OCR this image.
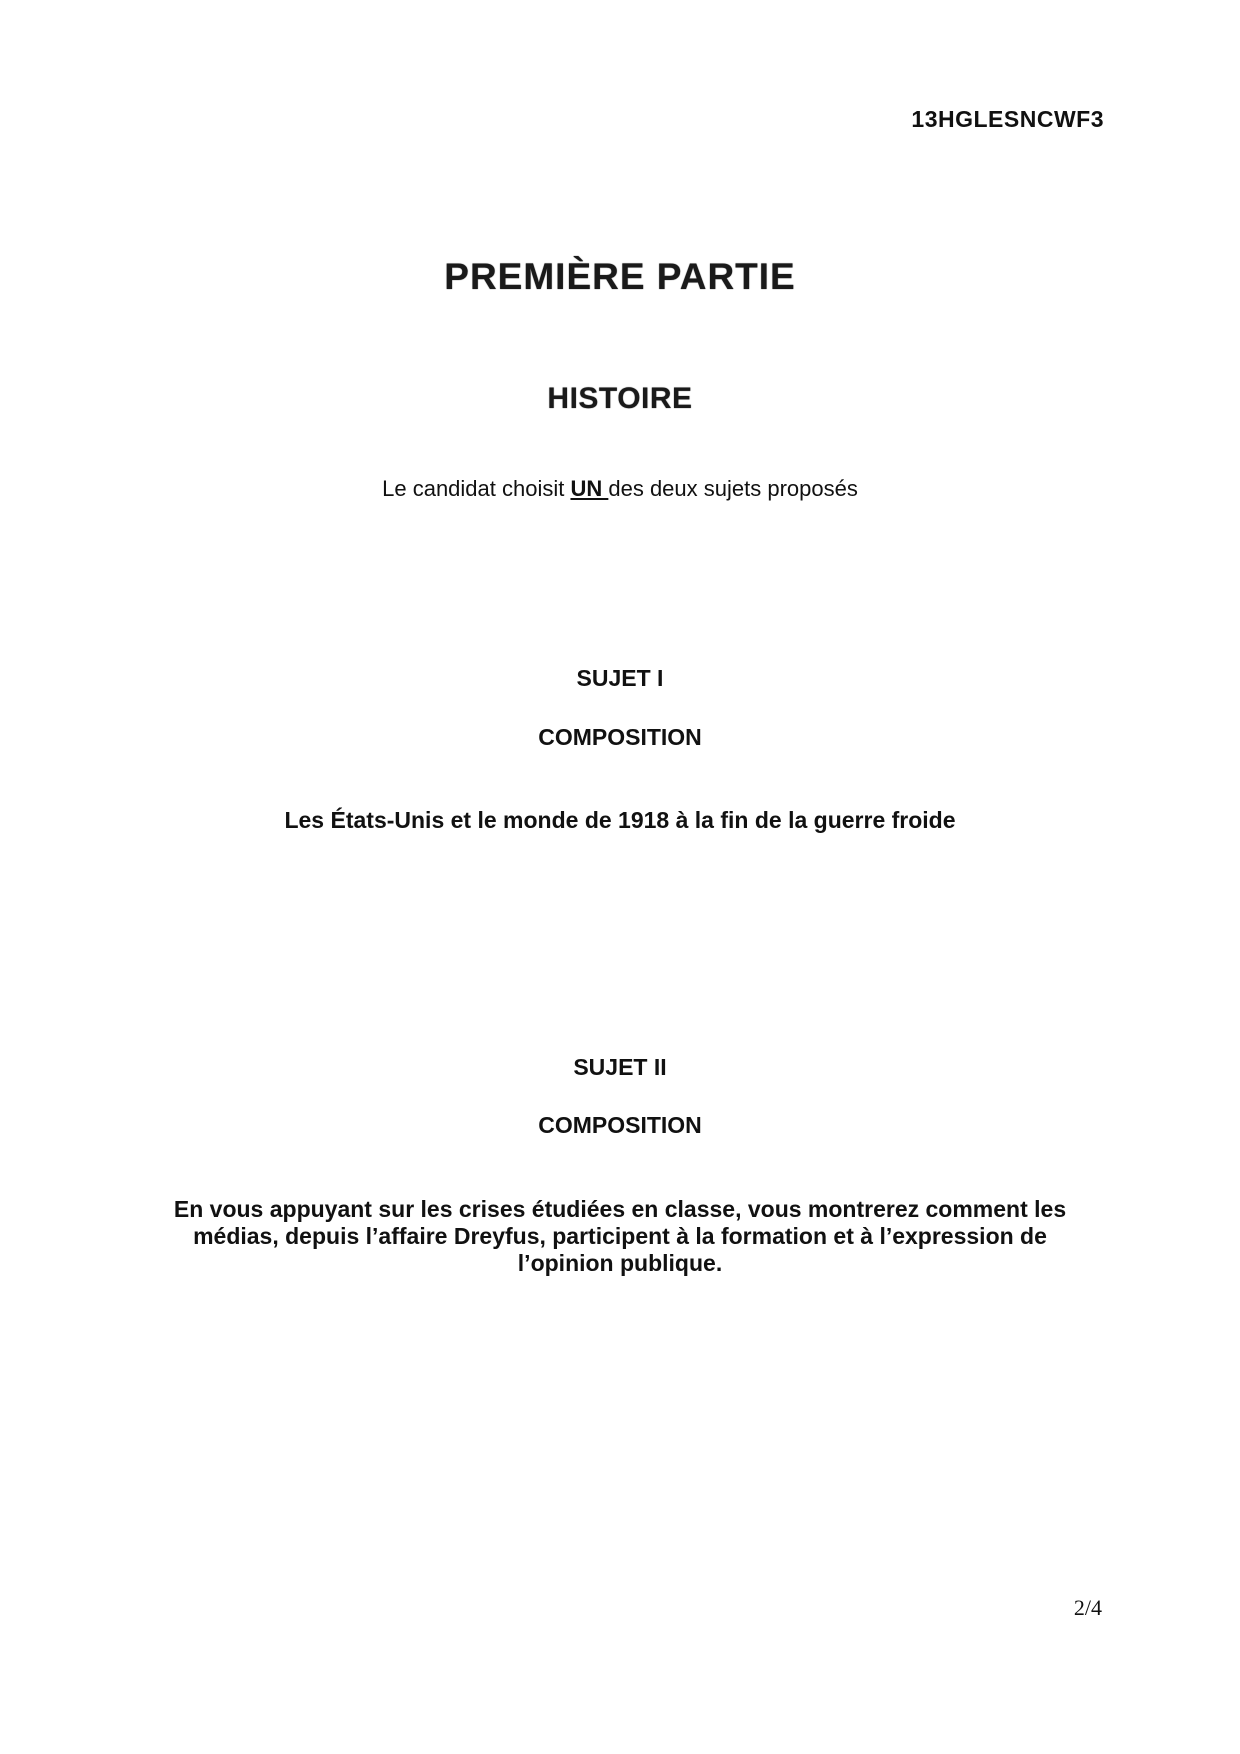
13HGLESNCWF3
PREMIÈRE PARTIE
HISTOIRE
Le candidat choisit UN des deux sujets proposés
SUJET I
COMPOSITION
Les États-Unis et le monde de 1918 à la fin de la guerre froide
SUJET II
COMPOSITION
En vous appuyant sur les crises étudiées en classe, vous montrerez comment les médias, depuis l’affaire Dreyfus, participent à la formation et à l’expression de l’opinion publique.
2/4
